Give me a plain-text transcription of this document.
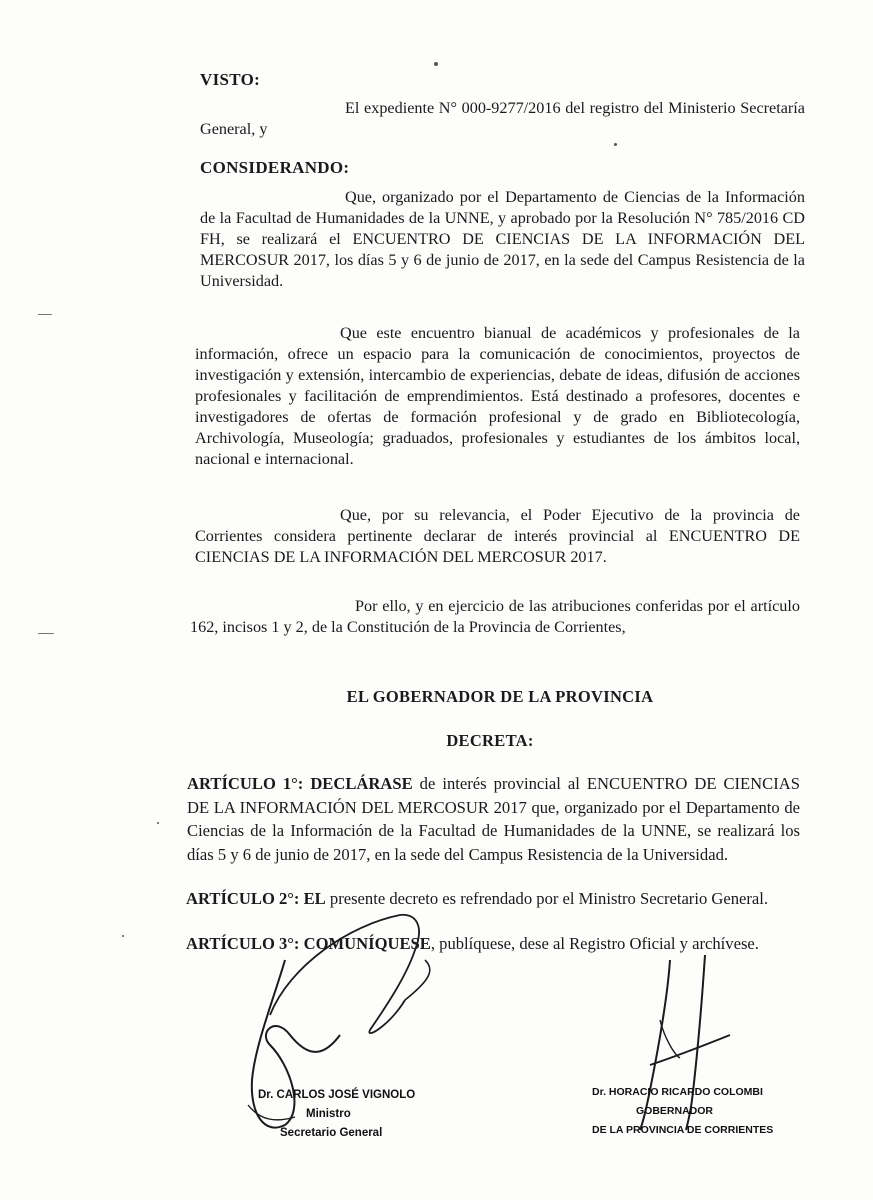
VISTO:
El expediente N° 000-9277/2016 del registro del Ministerio Secretaría General, y
CONSIDERANDO:
Que, organizado por el Departamento de Ciencias de la Información de la Facultad de Humanidades de la UNNE, y aprobado por la Resolución N° 785/2016 CD FH, se realizará el ENCUENTRO DE CIENCIAS DE LA INFORMACIÓN DEL MERCOSUR 2017, los días 5 y 6 de junio de 2017, en la sede del Campus Resistencia de la Universidad.
Que este encuentro bianual de académicos y profesionales de la información, ofrece un espacio para la comunicación de conocimientos, proyectos de investigación y extensión, intercambio de experiencias, debate de ideas, difusión de acciones profesionales y facilitación de emprendimientos. Está destinado a profesores, docentes e investigadores de ofertas de formación profesional y de grado en Bibliotecología, Archivología, Museología; graduados, profesionales y estudiantes de los ámbitos local, nacional e internacional.
Que, por su relevancia, el Poder Ejecutivo de la provincia de Corrientes considera pertinente declarar de interés provincial al ENCUENTRO DE CIENCIAS DE LA INFORMACIÓN DEL MERCOSUR 2017.
Por ello, y en ejercicio de las atribuciones conferidas por el artículo 162, incisos 1 y 2, de la Constitución de la Provincia de Corrientes,
EL GOBERNADOR DE LA PROVINCIA
DECRETA:
ARTÍCULO 1°: DECLÁRASE de interés provincial al ENCUENTRO DE CIENCIAS DE LA INFORMACIÓN DEL MERCOSUR 2017 que, organizado por el Departamento de Ciencias de la Información de la Facultad de Humanidades de la UNNE, se realizará los días 5 y 6 de junio de 2017, en la sede del Campus Resistencia de la Universidad.
ARTÍCULO 2°: EL presente decreto es refrendado por el Ministro Secretario General.
ARTÍCULO 3°: COMUNÍQUESE, publíquese, dese al Registro Oficial y archívese.
Dr. CARLOS JOSÉ VIGNOLO
Ministro
Secretario General
Dr. HORACIO RICARDO COLOMBI
GOBERNADOR
DE LA PROVINCIA DE CORRIENTES
